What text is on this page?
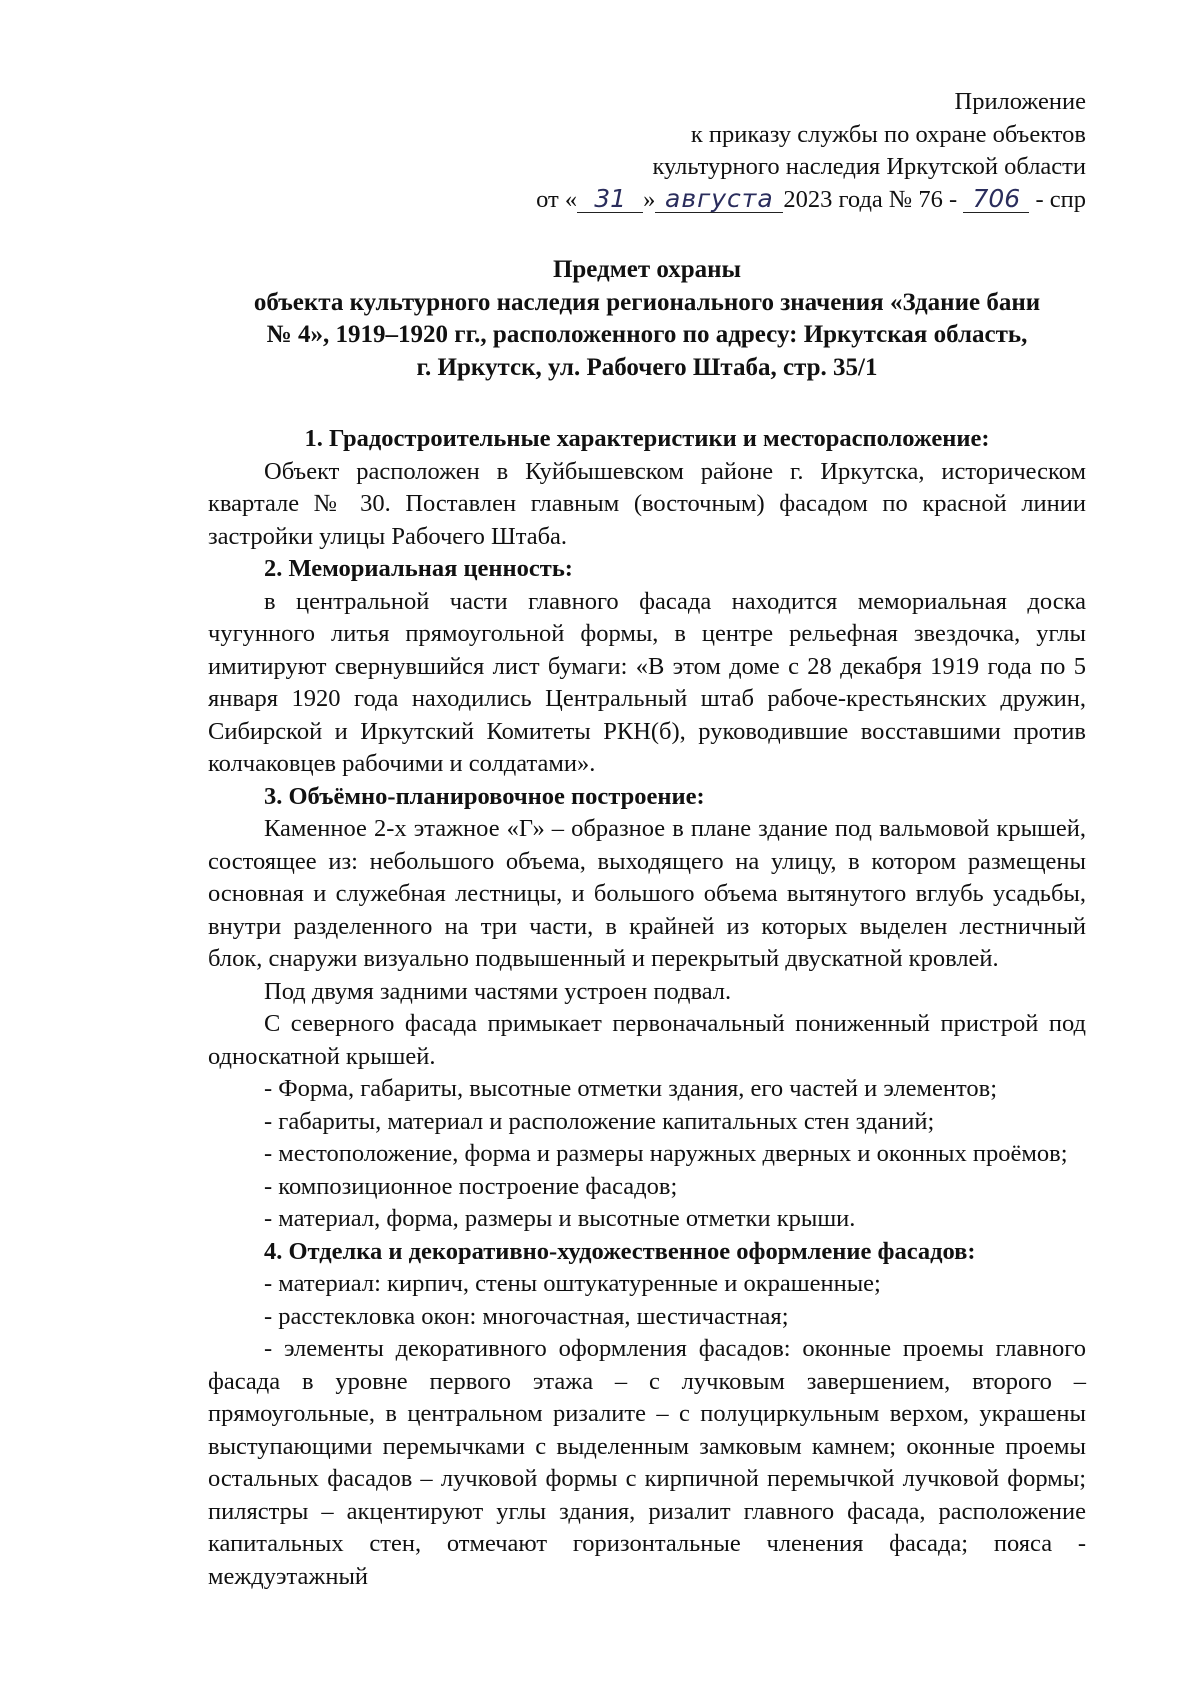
Приложение
к приказу службы по охране объектов
культурного наследия Иркутской области
от « 31 » августа 2023 года № 76 - 706 - спр
Предмет охраны
объекта культурного наследия регионального значения «Здание бани
№ 4», 1919–1920 гг., расположенного по адресу: Иркутская область,
г. Иркутск, ул. Рабочего Штаба, стр. 35/1

1. Градостроительные характеристики и месторасположение:

Объект расположен в Куйбышевском районе г. Иркутска, историческом квартале № 30. Поставлен главным (восточным) фасадом по красной линии застройки улицы Рабочего Штаба.

2. Мемориальная ценность:

в центральной части главного фасада находится мемориальная доска чугунного литья прямоугольной формы, в центре рельефная звездочка, углы имитируют свернувшийся лист бумаги: «В этом доме с 28 декабря 1919 года по 5 января 1920 года находились Центральный штаб рабоче-крестьянских дружин, Сибирской и Иркутский Комитеты РКН(б), руководившие восставшими против колчаковцев рабочими и солдатами».

3. Объёмно-планировочное построение:

Каменное 2-х этажное «Г» – образное в плане здание под вальмовой крышей, состоящее из: небольшого объема, выходящего на улицу, в котором размещены основная и служебная лестницы, и большого объема вытянутого вглубь усадьбы, внутри разделенного на три части, в крайней из которых выделен лестничный блок, снаружи визуально подвышенный и перекрытый двускатной кровлей.

Под двумя задними частями устроен подвал.

С северного фасада примыкает первоначальный пониженный пристрой под односкатной крышей.

- Форма, габариты, высотные отметки здания, его частей и элементов;

- габариты, материал и расположение капитальных стен зданий;

- местоположение, форма и размеры наружных дверных и оконных проёмов;

- композиционное построение фасадов;

- материал, форма, размеры и высотные отметки крыши.

4. Отделка и декоративно-художественное оформление фасадов:

- материал: кирпич, стены оштукатуренные и окрашенные;

- расстекловка окон: многочастная, шестичастная;

- элементы декоративного оформления фасадов: оконные проемы главного фасада в уровне первого этажа – с лучковым завершением, второго – прямоугольные, в центральном ризалите – с полуциркульным верхом, украшены выступающими перемычками с выделенным замковым камнем; оконные проемы остальных фасадов – лучковой формы с кирпичной перемычкой лучковой формы; пилястры – акцентируют углы здания, ризалит главного фасада, расположение капитальных стен, отмечают горизонтальные членения фасада; пояса - междуэтажный
